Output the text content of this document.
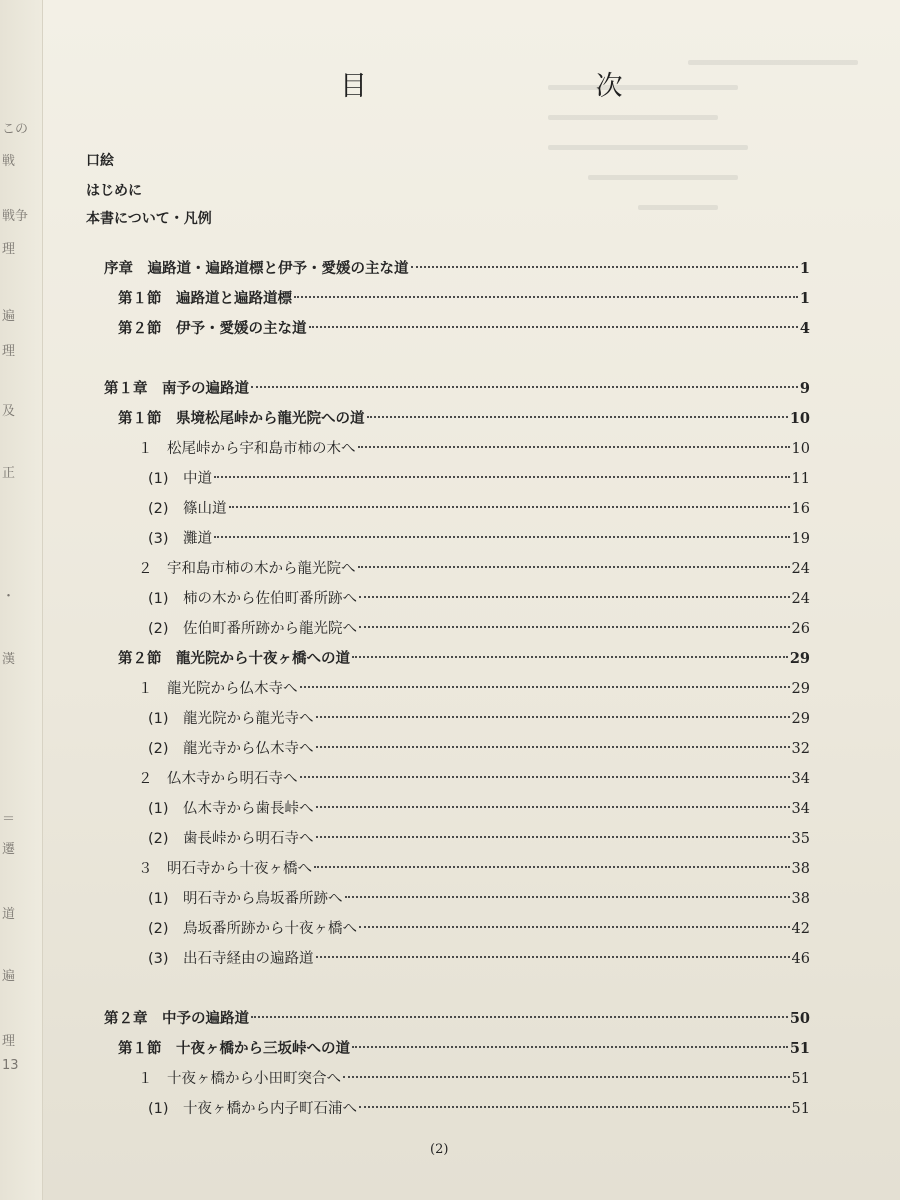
この
戦
戦争
理
遍
理
及
正
・
漢
＝
遷
道
遍
理
13
目 次
口絵
はじめに
本書について・凡例
序章　遍路道・遍路道標と伊予・愛媛の主な道	1
第１節　遍路道と遍路道標	1
第２節　伊予・愛媛の主な道	4
第１章　南予の遍路道	9
第１節　県境松尾峠から龍光院への道	10
１　松尾峠から宇和島市柿の木へ	10
(1)　中道	11
(2)　篠山道	16
(3)　灘道	19
２　宇和島市柿の木から龍光院へ	24
(1)　柿の木から佐伯町番所跡へ	24
(2)　佐伯町番所跡から龍光院へ	26
第２節　龍光院から十夜ヶ橋への道	29
１　龍光院から仏木寺へ	29
(1)　龍光院から龍光寺へ	29
(2)　龍光寺から仏木寺へ	32
２　仏木寺から明石寺へ	34
(1)　仏木寺から歯長峠へ	34
(2)　歯長峠から明石寺へ	35
３　明石寺から十夜ヶ橋へ	38
(1)　明石寺から鳥坂番所跡へ	38
(2)　鳥坂番所跡から十夜ヶ橋へ	42
(3)　出石寺経由の遍路道	46
第２章　中予の遍路道	50
第１節　十夜ヶ橋から三坂峠への道	51
１　十夜ヶ橋から小田町突合へ	51
(1)　十夜ヶ橋から内子町石浦へ	51
(2)
